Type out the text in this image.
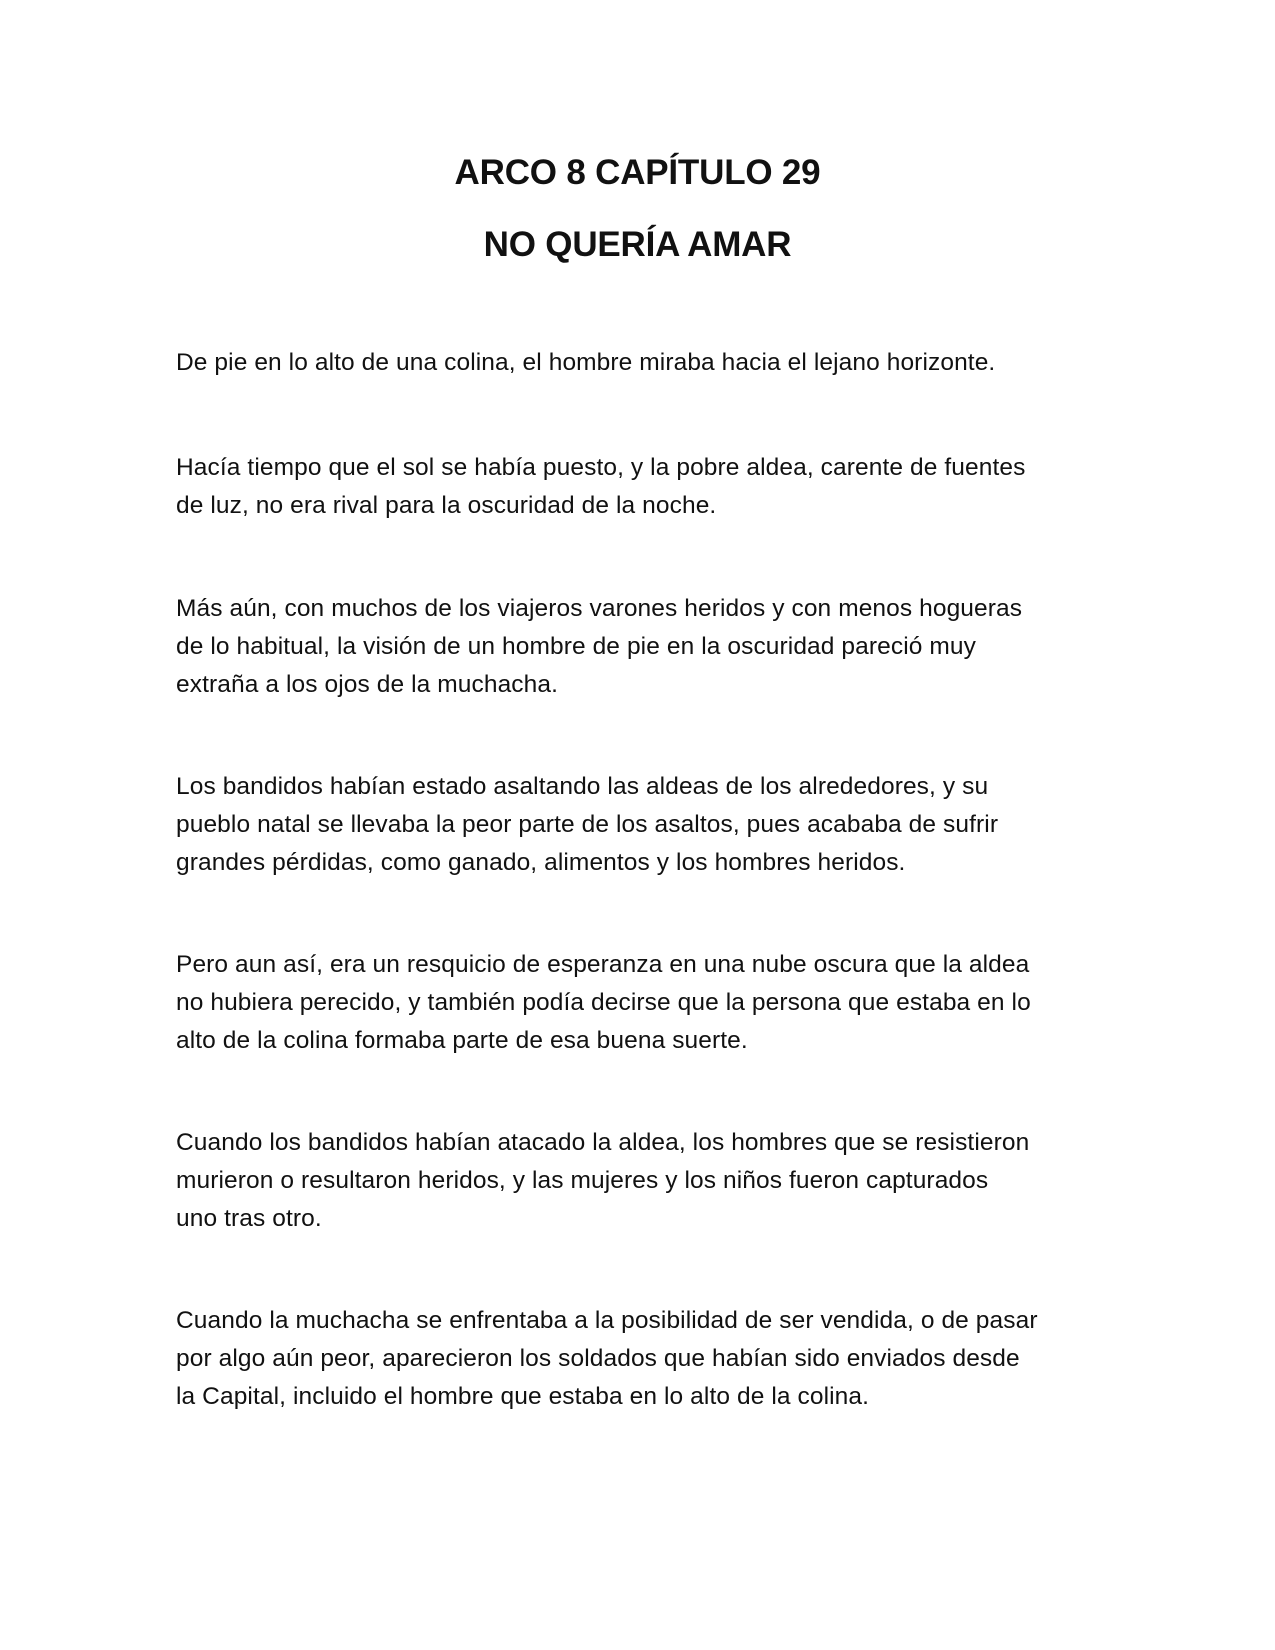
ARCO 8 CAPÍTULO 29
NO QUERÍA AMAR

De pie en lo alto de una colina, el hombre miraba hacia el lejano horizonte.

Hacía tiempo que el sol se había puesto, y la pobre aldea, carente de fuentes
de luz, no era rival para la oscuridad de la noche.

Más aún, con muchos de los viajeros varones heridos y con menos hogueras
de lo habitual, la visión de un hombre de pie en la oscuridad pareció muy
extraña a los ojos de la muchacha.

Los bandidos habían estado asaltando las aldeas de los alrededores, y su
pueblo natal se llevaba la peor parte de los asaltos, pues acababa de sufrir
grandes pérdidas, como ganado, alimentos y los hombres heridos.

Pero aun así, era un resquicio de esperanza en una nube oscura que la aldea
no hubiera perecido, y también podía decirse que la persona que estaba en lo
alto de la colina formaba parte de esa buena suerte.

Cuando los bandidos habían atacado la aldea, los hombres que se resistieron
murieron o resultaron heridos, y las mujeres y los niños fueron capturados
uno tras otro.

Cuando la muchacha se enfrentaba a la posibilidad de ser vendida, o de pasar
por algo aún peor, aparecieron los soldados que habían sido enviados desde
la Capital, incluido el hombre que estaba en lo alto de la colina.
